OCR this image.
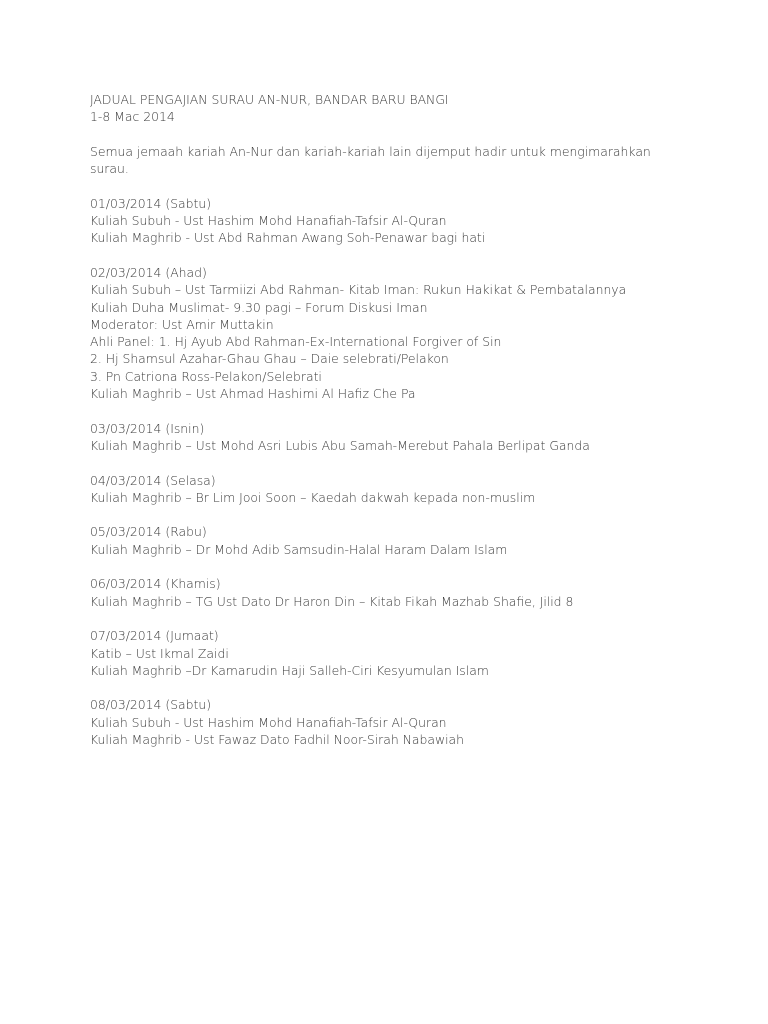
JADUAL PENGAJIAN SURAU AN-NUR, BANDAR BARU BANGI

1-8 Mac 2014

Semua jemaah kariah An-Nur dan kariah-kariah lain dijemput hadir untuk mengimarahkan

surau.

01/03/2014 (Sabtu)

Kuliah Subuh - Ust Hashim Mohd Hanafiah-Tafsir Al-Quran

Kuliah Maghrib - Ust Abd Rahman Awang Soh-Penawar bagi hati

02/03/2014 (Ahad)

Kuliah Subuh – Ust Tarmiizi Abd Rahman- Kitab Iman: Rukun Hakikat & Pembatalannya

Kuliah Duha Muslimat- 9.30 pagi – Forum Diskusi Iman

Moderator: Ust Amir Muttakin

Ahli Panel: 1. Hj Ayub Abd Rahman-Ex-International Forgiver of Sin

2. Hj Shamsul Azahar-Ghau Ghau – Daie selebrati/Pelakon

3. Pn Catriona Ross-Pelakon/Selebrati

Kuliah Maghrib – Ust Ahmad Hashimi Al Hafiz Che Pa

03/03/2014 (Isnin)

Kuliah Maghrib – Ust Mohd Asri Lubis Abu Samah-Merebut Pahala Berlipat Ganda

04/03/2014 (Selasa)

Kuliah Maghrib – Br Lim Jooi Soon – Kaedah dakwah kepada non-muslim

05/03/2014 (Rabu)

Kuliah Maghrib – Dr Mohd Adib Samsudin-Halal Haram Dalam Islam

06/03/2014 (Khamis)

Kuliah Maghrib – TG Ust Dato Dr Haron Din – Kitab Fikah Mazhab Shafie, Jilid 8

07/03/2014 (Jumaat)

Katib – Ust Ikmal Zaidi

Kuliah Maghrib –Dr Kamarudin Haji Salleh-Ciri Kesyumulan Islam

08/03/2014 (Sabtu)

Kuliah Subuh - Ust Hashim Mohd Hanafiah-Tafsir Al-Quran

Kuliah Maghrib - Ust Fawaz Dato Fadhil Noor-Sirah Nabawiah
